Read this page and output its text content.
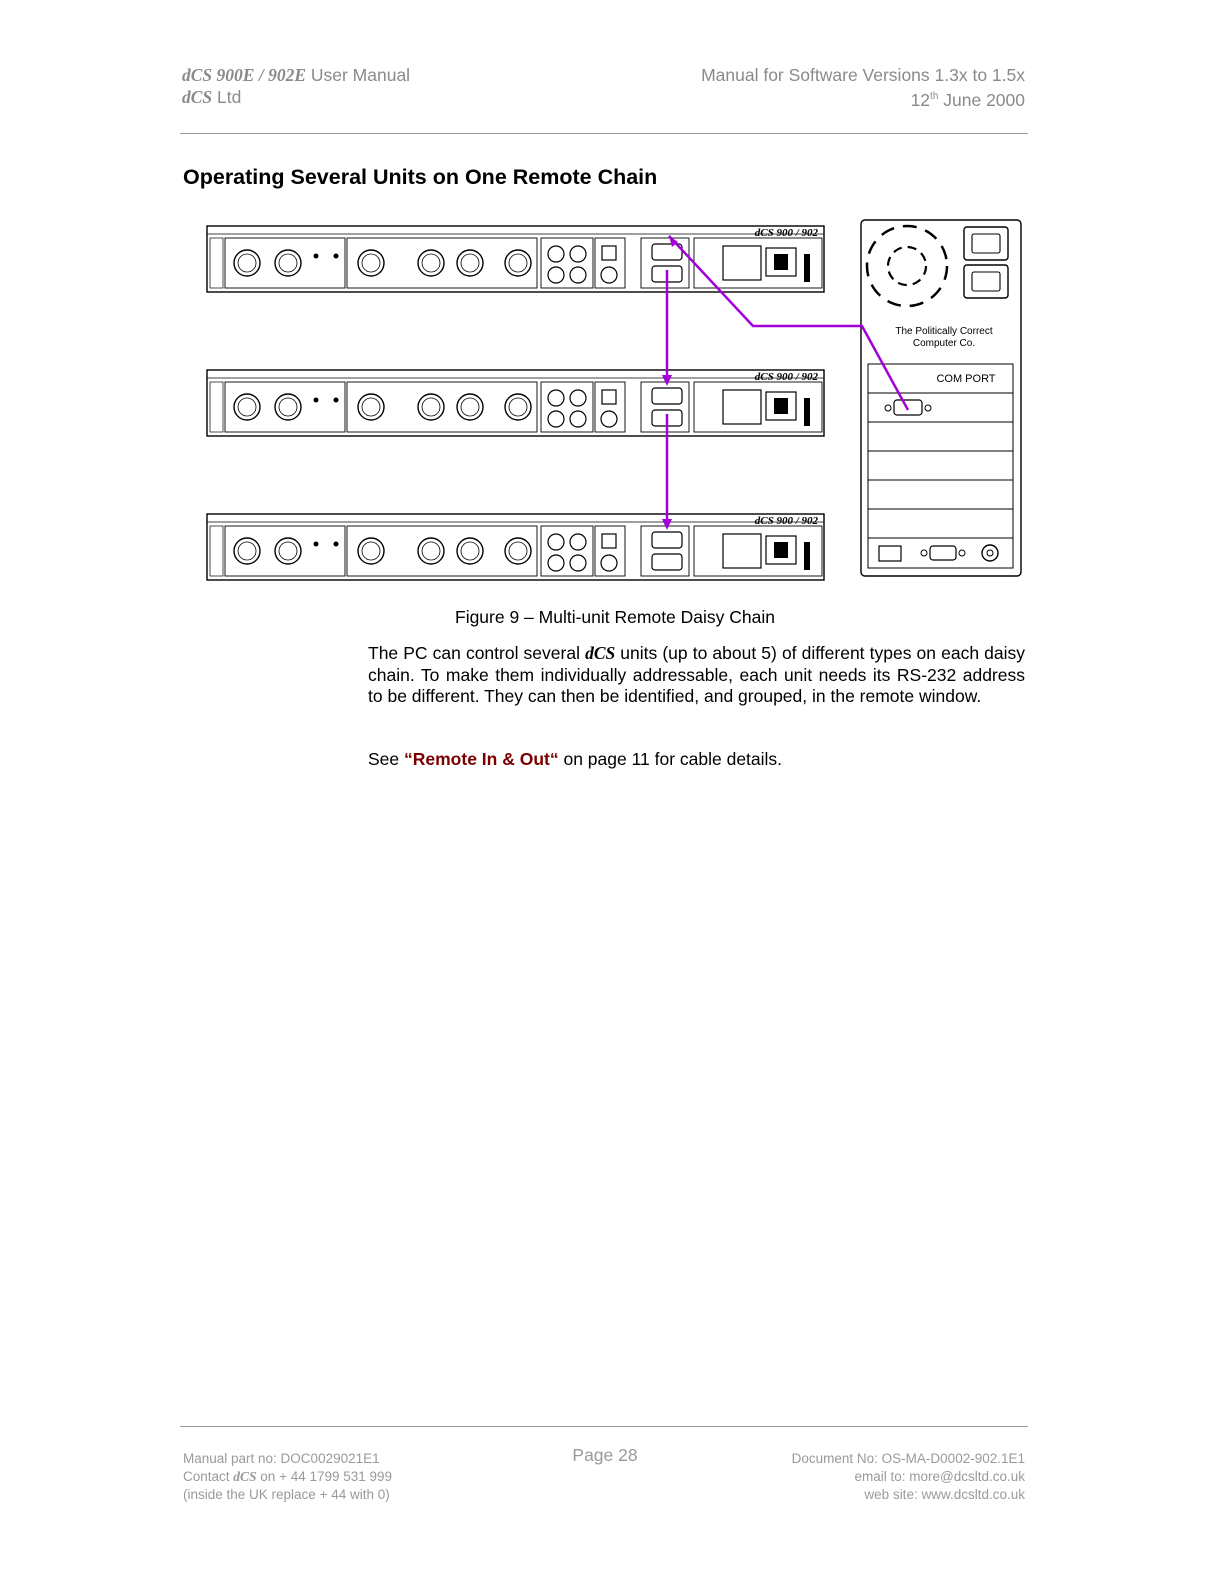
dCS 900E / 902E User Manual
dCS Ltd
Manual for Software Versions 1.3x to 1.5x
12th June 2000
Operating Several Units on One Remote Chain
dCS 900 / 902
dCS 900 / 902
dCS 900 / 902
The Politically Correct
Computer Co.
COM PORT
Figure 9 – Multi-unit Remote Daisy Chain
The PC can control several dCS units (up to about 5) of different types on each daisy chain. To make them individually addressable, each unit needs its RS-232 address to be different. They can then be identified, and grouped, in the remote window.
See “Remote In & Out“ on page 11 for cable details.
Manual part no: DOC0029021E1
Contact dCS on + 44 1799 531 999
(inside the UK replace + 44 with 0)
Page 28	Document No: OS-MA-D0002-902.1E1
email to: more@dcsltd.co.uk
web site: www.dcsltd.co.uk
